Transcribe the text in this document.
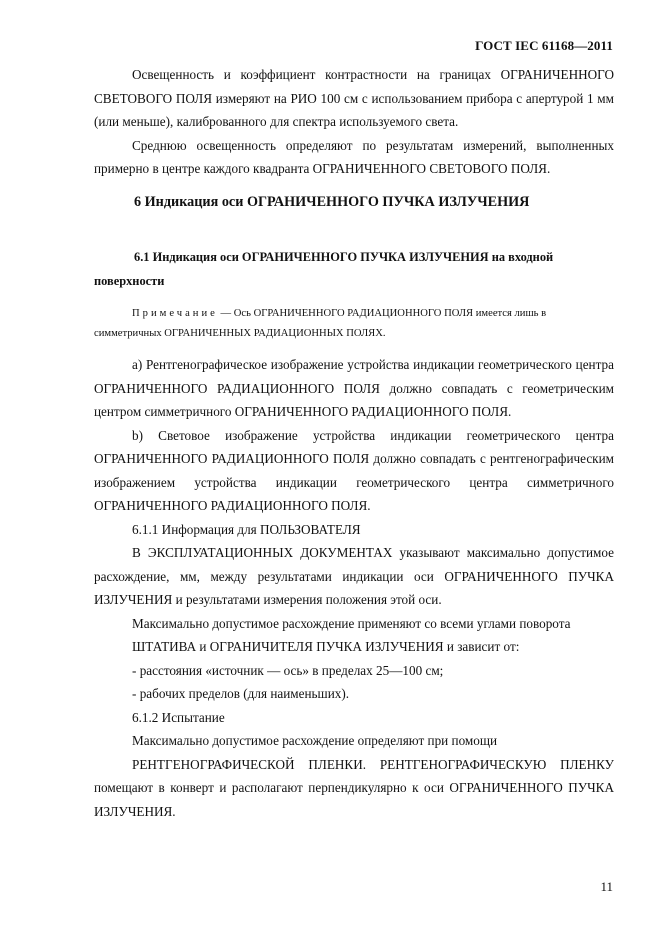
ГОСТ IEC 61168—2011

Освещенность и коэффициент контрастности на границах ОГРАНИЧЕННОГО СВЕТОВОГО ПОЛЯ измеряют на РИО 100 см с использованием прибора с апертурой 1 мм (или меньше), калиброванного для спектра используемого света.

Среднюю освещенность определяют по результатам измерений, выполненных примерно в центре каждого квадранта ОГРАНИЧЕННОГО СВЕТОВОГО ПОЛЯ.

6 Индикация оси ОГРАНИЧЕННОГО ПУЧКА ИЗЛУЧЕНИЯ
6.1 Индикация оси ОГРАНИЧЕННОГО ПУЧКА ИЗЛУЧЕНИЯ на входной поверхности
Примечание — Ось ОГРАНИЧЕННОГО РАДИАЦИОННОГО ПОЛЯ имеется лишь в симметричных ОГРАНИЧЕННЫХ РАДИАЦИОННЫХ ПОЛЯХ.

a) Рентгенографическое изображение устройства индикации геометрического центра ОГРАНИЧЕННОГО РАДИАЦИОННОГО ПОЛЯ должно совпадать с геометрическим центром симметричного ОГРАНИЧЕННОГО РАДИАЦИОННОГО ПОЛЯ.

b) Световое изображение устройства индикации геометрического центра ОГРАНИЧЕННОГО РАДИАЦИОННОГО ПОЛЯ должно совпадать с рентгенографическим изображением устройства индикации геометрического центра симметричного ОГРАНИЧЕННОГО РАДИАЦИОННОГО ПОЛЯ.

6.1.1 Информация для ПОЛЬЗОВАТЕЛЯ

В ЭКСПЛУАТАЦИОННЫХ ДОКУМЕНТАХ указывают максимально допустимое расхождение, мм, между результатами индикации оси ОГРАНИЧЕННОГО ПУЧКА ИЗЛУЧЕНИЯ и результатами измерения положения этой оси.

Максимально допустимое расхождение применяют со всеми углами поворота

ШТАТИВА и ОГРАНИЧИТЕЛЯ ПУЧКА ИЗЛУЧЕНИЯ и зависит от:

- расстояния «источник — ось» в пределах 25—100 см;

- рабочих пределов (для наименьших).

6.1.2 Испытание

Максимально допустимое расхождение определяют при помощи

РЕНТГЕНОГРАФИЧЕСКОЙ ПЛЕНКИ. РЕНТГЕНОГРАФИЧЕСКУЮ ПЛЕНКУ помещают в конверт и располагают перпендикулярно к оси ОГРАНИЧЕННОГО ПУЧКА ИЗЛУЧЕНИЯ.

11
